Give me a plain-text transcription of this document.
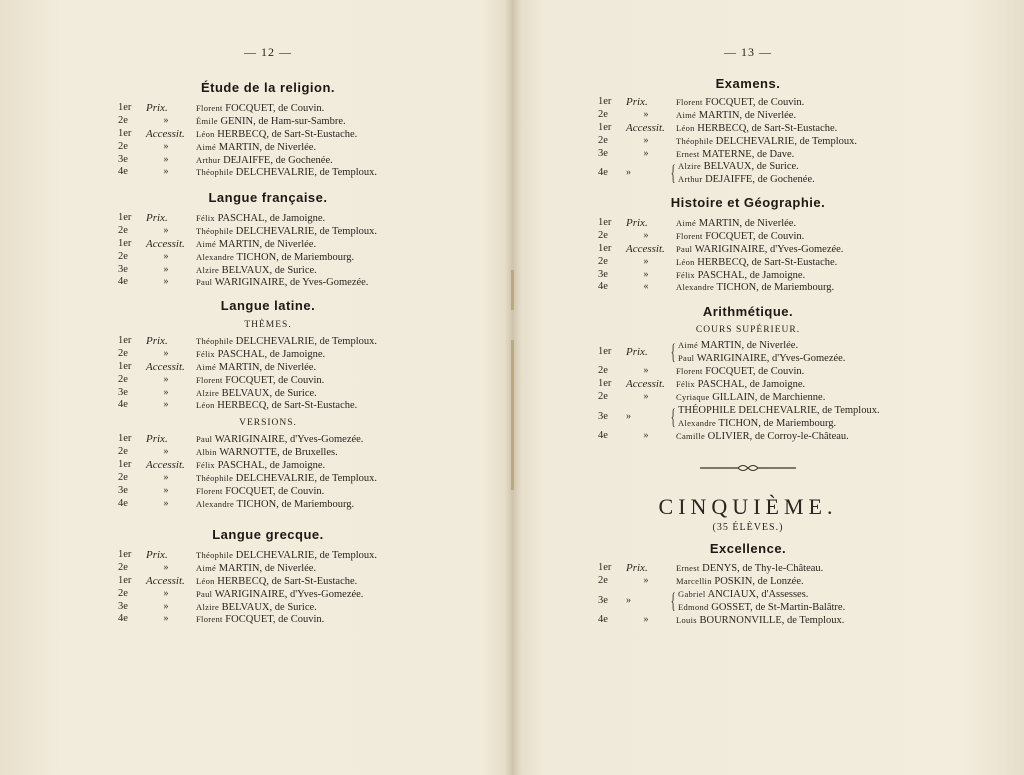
— 12 —
Étude de la religion.
1er	Prix.	Florent FOCQUET, de Couvin.
2e	»	Émile GENIN, de Ham-sur-Sambre.
1er	Accessit.	Léon HERBECQ, de Sart-St-Eustache.
2e	»	Aimé MARTIN, de Niverlée.
3e	»	Arthur DEJAIFFE, de Gochenée.
4e	»	Théophile DELCHEVALRIE, de Temploux.
Langue française.
1er	Prix.	Félix PASCHAL, de Jamoigne.
2e	»	Théophile DELCHEVALRIE, de Temploux.
1er	Accessit.	Aimé MARTIN, de Niverlée.
2e	»	Alexandre TICHON, de Mariembourg.
3e	»	Alzire BELVAUX, de Surice.
4e	»	Paul WARIGINAIRE, de Yves-Gomezée.
Langue latine.
THÈMES.
1er	Prix.	Théophile DELCHEVALRIE, de Temploux.
2e	»	Félix PASCHAL, de Jamoigne.
1er	Accessit.	Aimé MARTIN, de Niverlée.
2e	»	Florent FOCQUET, de Couvin.
3e	»	Alzire BELVAUX, de Surice.
4e	»	Léon HERBECQ, de Sart-St-Eustache.
VERSIONS.
1er	Prix.	Paul WARIGINAIRE, d'Yves-Gomezée.
2e	»	Albin WARNOTTE, de Bruxelles.
1er	Accessit.	Félix PASCHAL, de Jamoigne.
2e	»	Théophile DELCHEVALRIE, de Temploux.
3e	»	Florent FOCQUET, de Couvin.
4e	»	Alexandre TICHON, de Mariembourg.
Langue grecque.
1er	Prix.	Théophile DELCHEVALRIE, de Temploux.
2e	»	Aimé MARTIN, de Niverlée.
1er	Accessit.	Léon HERBECQ, de Sart-St-Eustache.
2e	»	Paul WARIGINAIRE, d'Yves-Gomezée.
3e	»	Alzire BELVAUX, de Surice.
4e	»	Florent FOCQUET, de Couvin.
— 13 —
Examens.
1er	Prix.	Florent FOCQUET, de Couvin.
2e	»	Aimé MARTIN, de Niverlée.
1er	Accessit.	Léon HERBECQ, de Sart-St-Eustache.
2e	»	Théophile DELCHEVALRIE, de Temploux.
3e	»	Ernest MATERNE, de Dave.
4e	»	{ Alzire BELVAUX, de Surice.
Arthur DEJAIFFE, de Gochenée.
Histoire et Géographie.
1er	Prix.	Aimé MARTIN, de Niverlée.
2e	»	Florent FOCQUET, de Couvin.
1er	Accessit.	Paul WARIGINAIRE, d'Yves-Gomezée.
2e	»	Léon HERBECQ, de Sart-St-Eustache.
3e	»	Félix PASCHAL, de Jamoigne.
4e	«	Alexandre TICHON, de Mariembourg.
Arithmétique.
COURS SUPÉRIEUR.
1er	Prix.	{ Aimé MARTIN, de Niverlée.
Paul WARIGINAIRE, d'Yves-Gomezée.
2e	»	Florent FOCQUET, de Couvin.
1er	Accessit.	Félix PASCHAL, de Jamoigne.
2e	»	Cyriaque GILLAIN, de Marchienne.
3e	»	{ THÉOPHILE DELCHEVALRIE, de Temploux.
Alexandre TICHON, de Mariembourg.
4e	»	Camille OLIVIER, de Corroy-le-Château.
CINQUIÈME.
(35 ÉLÈVES.)
Excellence.
1er	Prix.	Ernest DENYS, de Thy-le-Château.
2e	»	Marcellin POSKIN, de Lonzée.
3e	»	{ Gabriel ANCIAUX, d'Assesses.
Edmond GOSSET, de St-Martin-Balâtre.
4e	»	Louis BOURNONVILLE, de Temploux.
